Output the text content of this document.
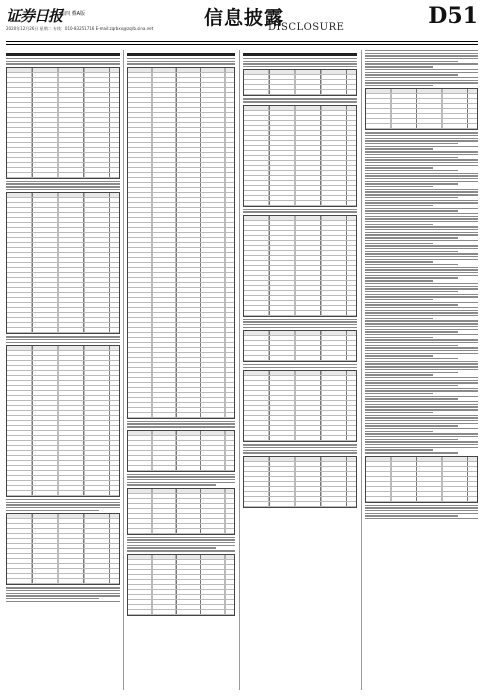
证券日报
第四 叠A版
2020年12月26日 星期二 专线：010-83251716 E-mail:zqrbxx@zqrb.sina.net	信息披露
DISCLOSURE	D51
